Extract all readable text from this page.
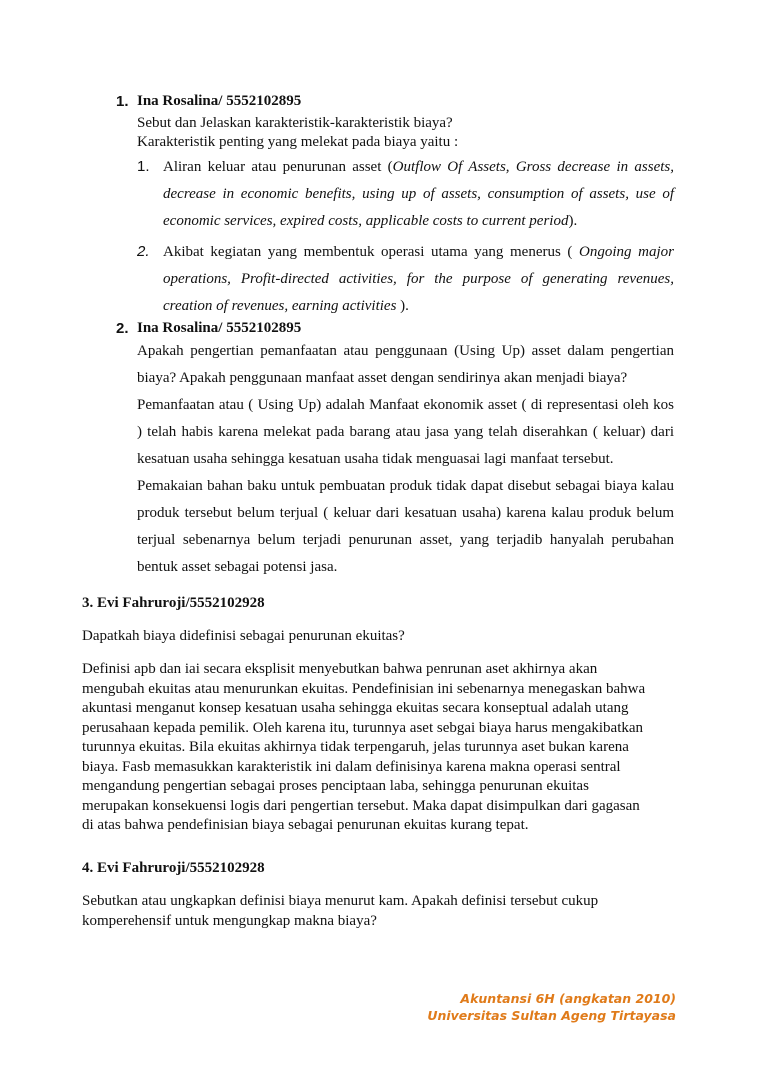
1. Ina Rosalina/ 5552102895
Sebut dan Jelaskan karakteristik-karakteristik biaya?
Karakteristik penting yang melekat pada biaya yaitu :
1. Aliran keluar atau penurunan asset (Outflow Of Assets, Gross decrease in assets, decrease in economic benefits, using up of assets, consumption of assets, use of economic services, expired costs, applicable costs to current period).
2. Akibat kegiatan yang membentuk operasi utama yang menerus ( Ongoing major operations, Profit-directed activities, for the purpose of generating revenues, creation of revenues, earning activities ).
2. Ina Rosalina/ 5552102895
Apakah pengertian pemanfaatan atau penggunaan (Using Up) asset dalam pengertian biaya? Apakah penggunaan manfaat asset dengan sendirinya akan menjadi biaya?
Pemanfaatan atau ( Using Up) adalah Manfaat ekonomik asset ( di representasi oleh kos ) telah habis karena melekat pada barang atau jasa yang telah diserahkan ( keluar) dari kesatuan usaha sehingga kesatuan usaha tidak menguasai lagi manfaat tersebut.
Pemakaian bahan baku untuk pembuatan produk tidak dapat disebut sebagai biaya kalau produk tersebut belum terjual ( keluar dari kesatuan usaha) karena kalau produk belum terjual sebenarnya belum terjadi penurunan asset, yang terjadib hanyalah perubahan bentuk asset sebagai potensi jasa.
3. Evi Fahruroji/5552102928
Dapatkah biaya didefinisi sebagai penurunan ekuitas?
Definisi apb dan iai secara eksplisit menyebutkan bahwa penrunan aset akhirnya akan
mengubah ekuitas atau menurunkan ekuitas. Pendefinisian ini sebenarnya menegaskan bahwa
akuntasi menganut konsep kesatuan usaha sehingga ekuitas secara konseptual adalah utang
perusahaan kepada pemilik. Oleh karena itu, turunnya aset sebgai biaya harus mengakibatkan
turunnya ekuitas. Bila ekuitas akhirnya tidak terpengaruh, jelas turunnya aset bukan karena
biaya. Fasb memasukkan karakteristik ini dalam definisinya karena makna operasi sentral
mengandung pengertian sebagai proses penciptaan laba, sehingga penurunan ekuitas
merupakan konsekuensi logis dari pengertian tersebut. Maka dapat disimpulkan dari gagasan
di atas bahwa pendefinisian biaya sebagai penurunan ekuitas kurang tepat.
4. Evi Fahruroji/5552102928
Sebutkan atau ungkapkan definisi biaya menurut kam. Apakah definisi tersebut cukup
komperehensif untuk mengungkap makna biaya?
Akuntansi 6H (angkatan 2010)
Universitas Sultan Ageng Tirtayasa
